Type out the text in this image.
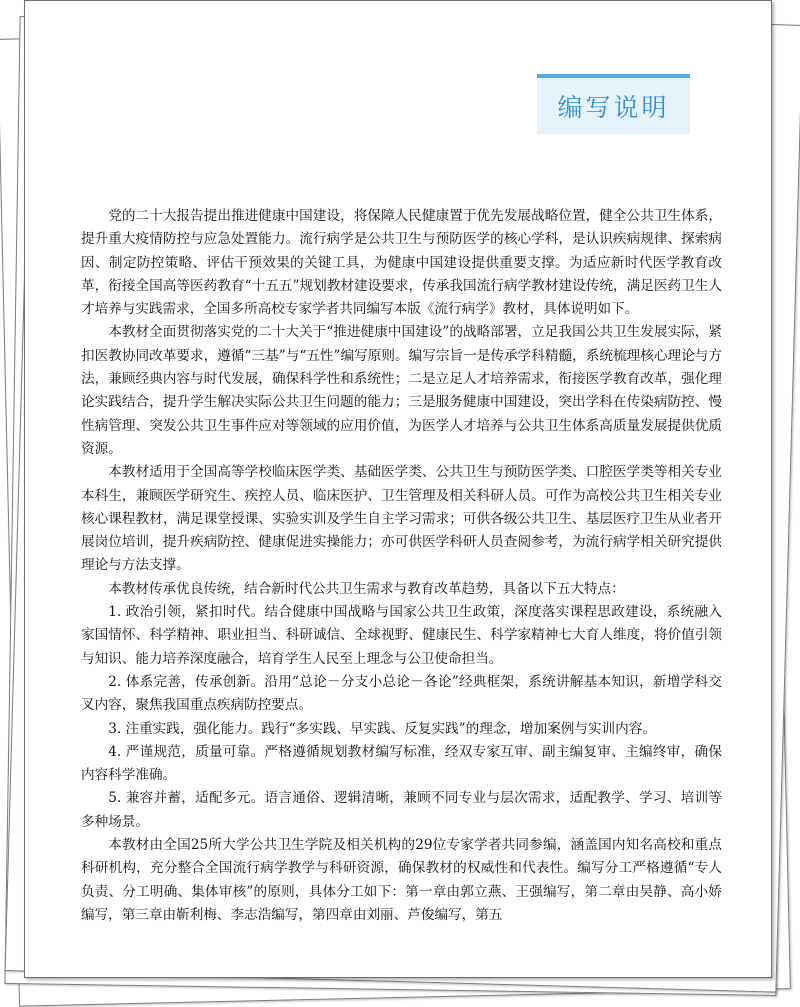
编写说明

党的二十大报告提出推进健康中国建设，将保障人民健康置于优先发展战略位置，健全公共卫生体系，提升重大疫情防控与应急处置能力。流行病学是公共卫生与预防医学的核心学科，是认识疾病规律、探索病因、制定防控策略、评估干预效果的关键工具，为健康中国建设提供重要支撑。为适应新时代医学教育改革，衔接全国高等医药教育“十五五”规划教材建设要求，传承我国流行病学教材建设传统，满足医药卫生人才培养与实践需求，全国多所高校专家学者共同编写本版《流行病学》教材，具体说明如下。

本教材全面贯彻落实党的二十大关于“推进健康中国建设”的战略部署，立足我国公共卫生发展实际，紧扣医教协同改革要求，遵循“三基”与“五性”编写原则。编写宗旨一是传承学科精髓，系统梳理核心理论与方法，兼顾经典内容与时代发展，确保科学性和系统性；二是立足人才培养需求，衔接医学教育改革，强化理论实践结合，提升学生解决实际公共卫生问题的能力；三是服务健康中国建设，突出学科在传染病防控、慢性病管理、突发公共卫生事件应对等领域的应用价值，为医学人才培养与公共卫生体系高质量发展提供优质资源。

本教材适用于全国高等学校临床医学类、基础医学类、公共卫生与预防医学类、口腔医学类等相关专业本科生，兼顾医学研究生、疾控人员、临床医护、卫生管理及相关科研人员。可作为高校公共卫生相关专业核心课程教材，满足课堂授课、实验实训及学生自主学习需求；可供各级公共卫生、基层医疗卫生从业者开展岗位培训，提升疾病防控、健康促进实操能力；亦可供医学科研人员查阅参考，为流行病学相关研究提供理论与方法支撑。

本教材传承优良传统，结合新时代公共卫生需求与教育改革趋势，具备以下五大特点：

1. 政治引领，紧扣时代。结合健康中国战略与国家公共卫生政策，深度落实课程思政建设，系统融入家国情怀、科学精神、职业担当、科研诚信、全球视野、健康民生、科学家精神七大育人维度，将价值引领与知识、能力培养深度融合，培育学生人民至上理念与公卫使命担当。

2. 体系完善，传承创新。沿用“总论－分支小总论－各论”经典框架，系统讲解基本知识，新增学科交叉内容，聚焦我国重点疾病防控要点。

3. 注重实践，强化能力。践行“多实践、早实践、反复实践”的理念，增加案例与实训内容。

4. 严谨规范，质量可靠。严格遵循规划教材编写标准，经双专家互审、副主编复审、主编终审，确保内容科学准确。

5. 兼容并蓄，适配多元。语言通俗、逻辑清晰，兼顾不同专业与层次需求，适配教学、学习、培训等多种场景。

本教材由全国25所大学公共卫生学院及相关机构的29位专家学者共同参编，涵盖国内知名高校和重点科研机构，充分整合全国流行病学教学与科研资源，确保教材的权威性和代表性。编写分工严格遵循“专人负责、分工明确、集体审核”的原则，具体分工如下：第一章由郭立燕、王强编写，第二章由吴静、高小娇编写，第三章由靳利梅、李志浩编写，第四章由刘丽、芦俊编写，第五
